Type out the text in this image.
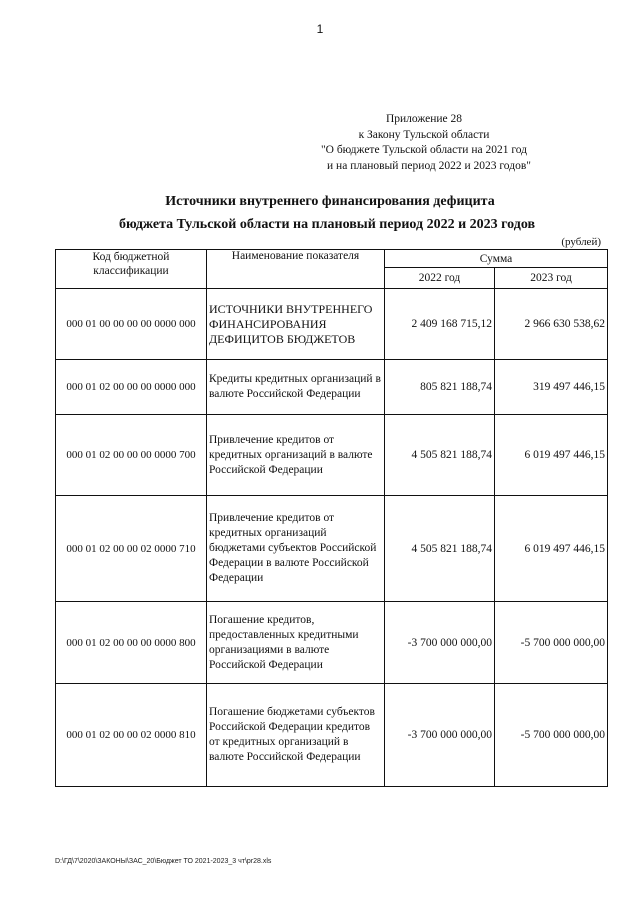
1
Приложение 28
к Закону Тульской области
"О бюджете Тульской области на 2021 год
и на плановый период 2022 и 2023 годов"
Источники внутреннего финансирования дефицита
бюджета Тульской области на плановый период 2022 и 2023 годов
(рублей)
Код бюджетной классификации	Наименование показателя	Сумма	
		2022 год	2023 год
000 01 00 00 00 00 0000 000	ИСТОЧНИКИ ВНУТРЕННЕГО ФИНАНСИРОВАНИЯ ДЕФИЦИТОВ БЮДЖЕТОВ	2 409 168 715,12	2 966 630 538,62
000 01 02 00 00 00 0000 000	Кредиты кредитных организаций в валюте Российской Федерации	805 821 188,74	319 497 446,15
000 01 02 00 00 00 0000 700	Привлечение кредитов от кредитных организаций в валюте Российской Федерации	4 505 821 188,74	6 019 497 446,15
000 01 02 00 00 02 0000 710	Привлечение кредитов от кредитных организаций бюджетами субъектов Российской Федерации в валюте Российской Федерации	4 505 821 188,74	6 019 497 446,15
000 01 02 00 00 00 0000 800	Погашение кредитов, предоставленных кредитными организациями в валюте Российской Федерации	-3 700 000 000,00	-5 700 000 000,00
000 01 02 00 00 02 0000 810	Погашение бюджетами субъектов Российской Федерации кредитов от кредитных организаций в валюте Российской Федерации	-3 700 000 000,00	-5 700 000 000,00
D:\ГД\7\2020\ЗАКОНЫ\ЗАС_20\Бюджет ТО 2021-2023_3 чт\pr28.xls
